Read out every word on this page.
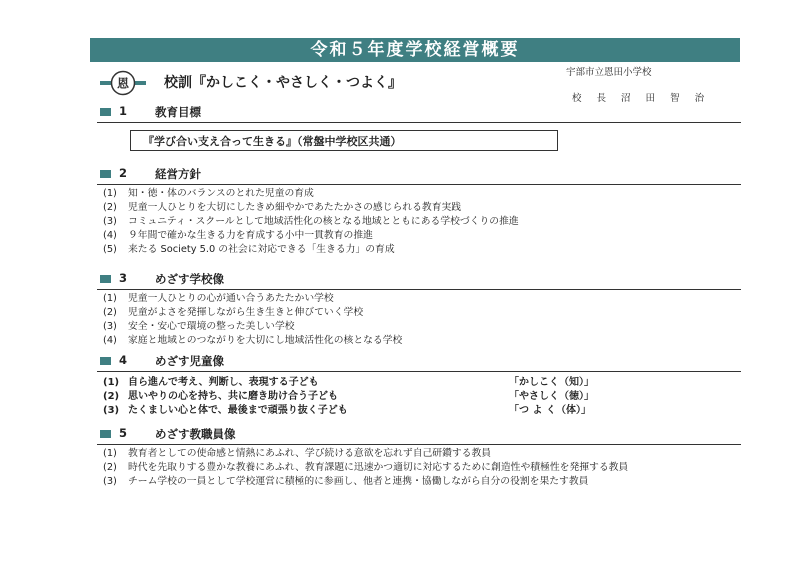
令和５年度学校経営概要
恩 校訓『かしこく・やさしく・つよく』
宇部市立恩田小学校
校 長 沼 田 智 治
1 教育目標
『学び合い支え合って生きる』（常盤中学校区共通）
2 経営方針
(1) 知・徳・体のバランスのとれた児童の育成
(2) 児童一人ひとりを大切にしたきめ細やかであたたかさの感じられる教育実践
(3) コミュニティ・スクールとして地域活性化の核となる地域とともにある学校づくりの推進
(4) ９年間で確かな生きる力を育成する小中一貫教育の推進
(5) 来たる Society 5.0 の社会に対応できる「生きる力」の育成
3 めざす学校像
(1) 児童一人ひとりの心が通い合うあたたかい学校
(2) 児童がよさを発揮しながら生き生きと伸びていく学校
(3) 安全・安心で環境の整った美しい学校
(4) 家庭と地域とのつながりを大切にし地域活性化の核となる学校
4 めざす児童像
(1) 自ら進んで考え、判断し、表現する子ども	「かしこく（知）」
(2) 思いやりの心を持ち、共に磨き助け合う子ども	「やさしく（徳）」
(3) たくましい心と体で、最後まで頑張り抜く子ども	「つ よ く（体）」
5 めざす教職員像
(1) 教育者としての使命感と情熱にあふれ、学び続ける意欲を忘れず自己研鑽する教員
(2) 時代を先取りする豊かな教養にあふれ、教育課題に迅速かつ適切に対応するために創造性や積極性を発揮する教員
(3) チーム学校の一員として学校運営に積極的に参画し、他者と連携・協働しながら自分の役割を果たす教員
